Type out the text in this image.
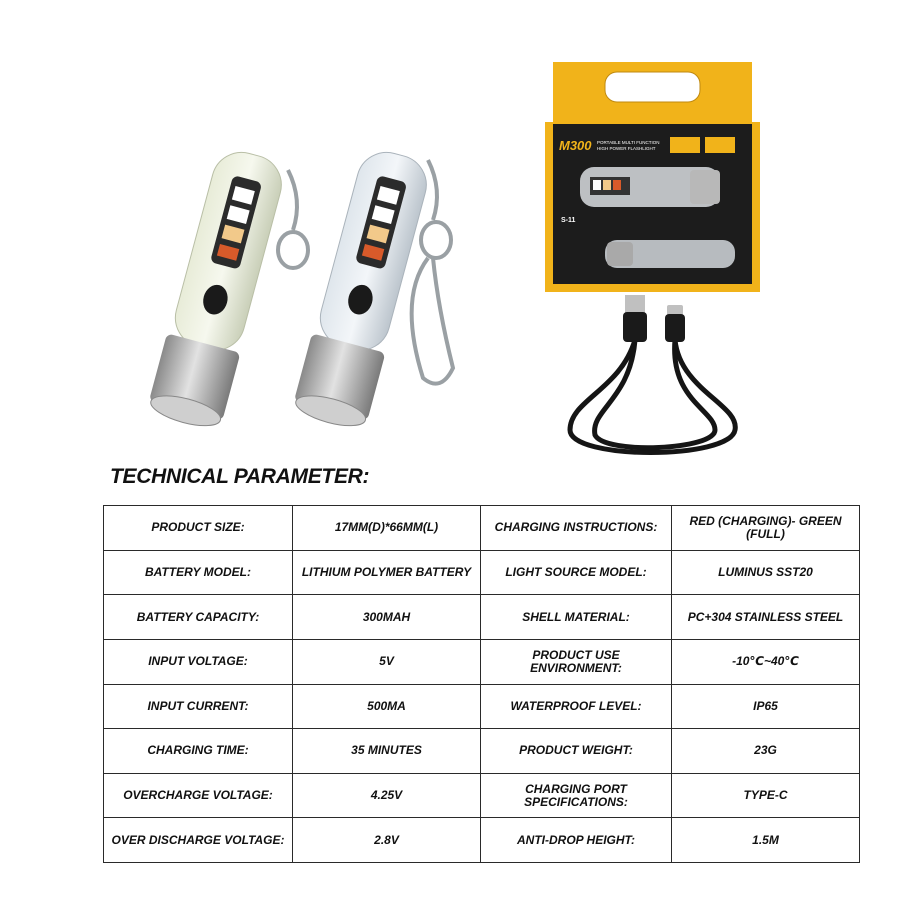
M300 PORTABLE MULTI FUNCTION
HIGH POWER FLASHLIGHT
S-11
TECHNICAL PARAMETER:
PRODUCT SIZE:	17MM(D)*66MM(L)	CHARGING INSTRUCTIONS:	RED (CHARGING)- GREEN (FULL)
BATTERY MODEL:	LITHIUM POLYMER BATTERY	LIGHT SOURCE MODEL:	LUMINUS SST20
BATTERY CAPACITY:	300MAH	SHELL MATERIAL:	PC+304 STAINLESS STEEL
INPUT VOLTAGE:	5V	PRODUCT USE ENVIRONMENT:	-10℃~40℃
INPUT CURRENT:	500MA	WATERPROOF LEVEL:	IP65
CHARGING TIME:	35 MINUTES	PRODUCT WEIGHT:	23G
OVERCHARGE VOLTAGE:	4.25V	CHARGING PORT SPECIFICATIONS:	TYPE-C
OVER DISCHARGE VOLTAGE:	2.8V	ANTI-DROP HEIGHT:	1.5M
